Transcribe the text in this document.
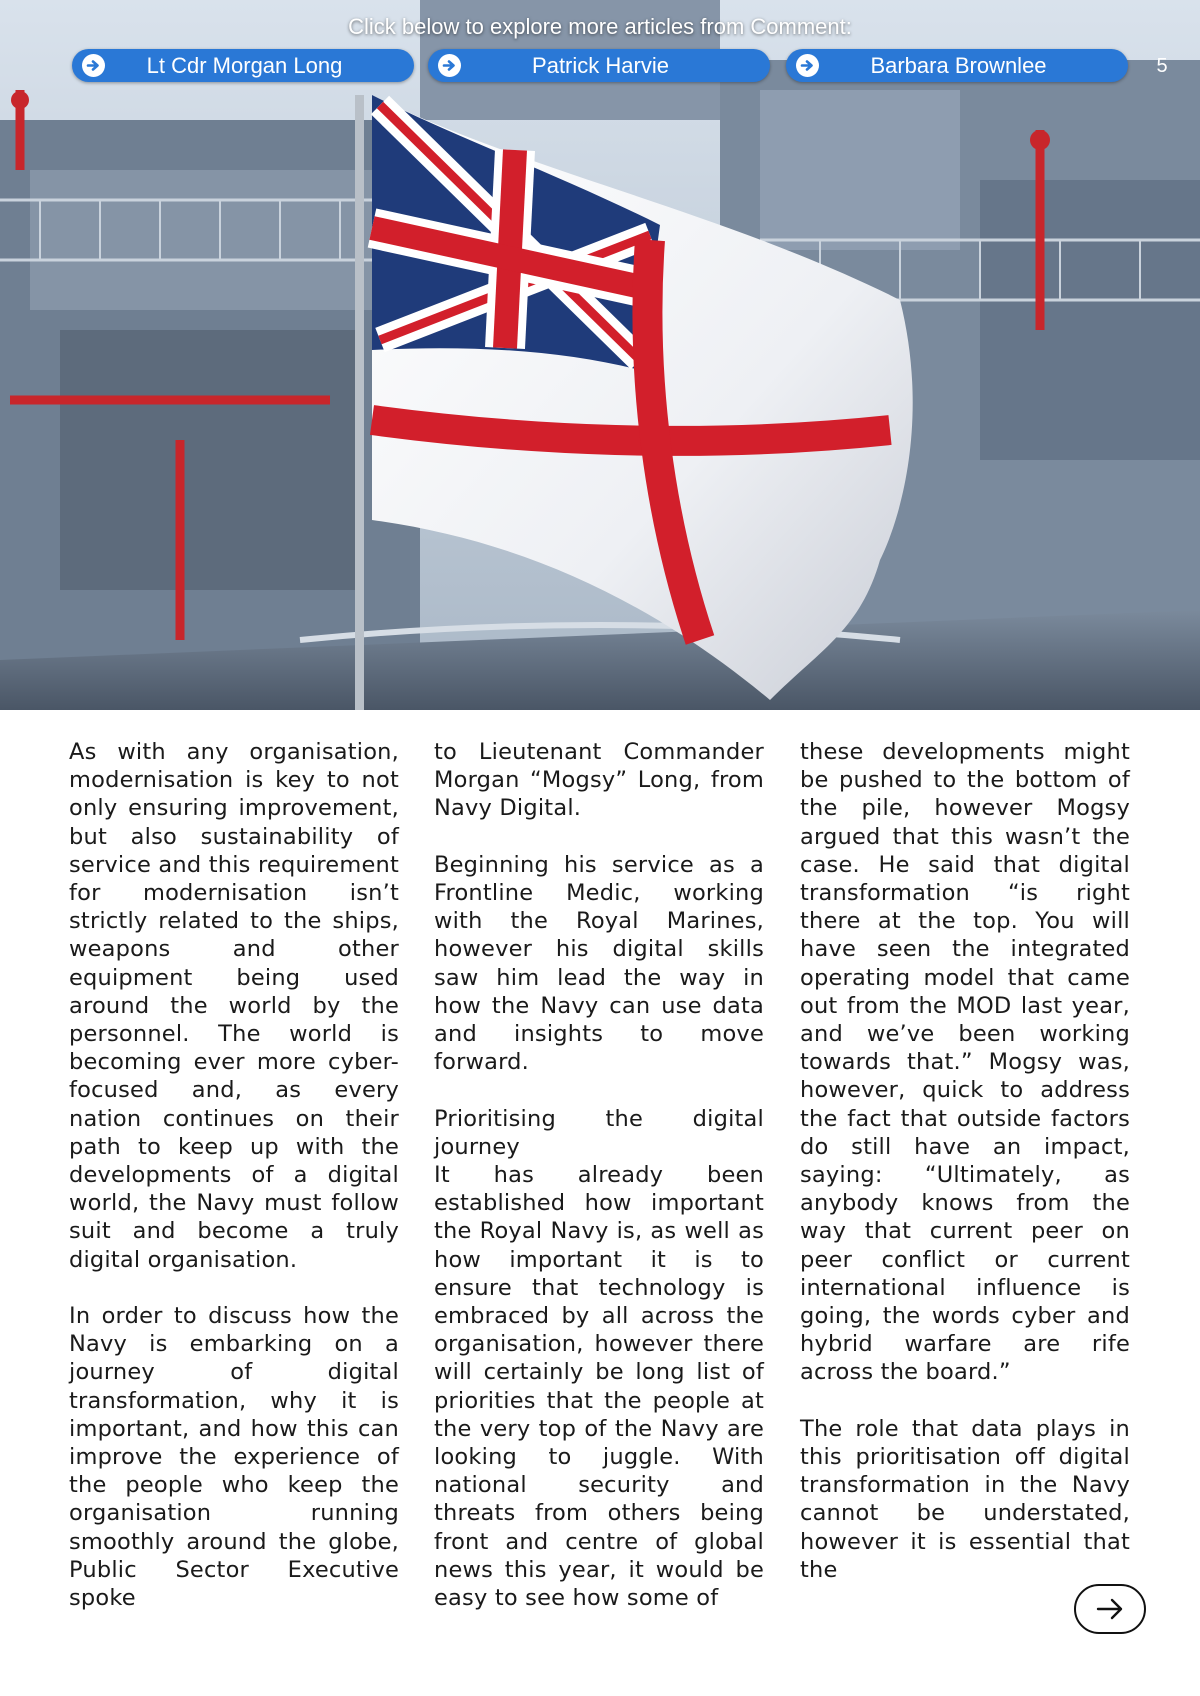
Click below to explore more articles from Comment:
Lt Cdr Morgan Long	Patrick Harvie	Barbara Brownlee	5

As with any organisation, modernisation is key to not only ensuring improvement, but also sustainability of service and this requirement for modernisation isn’t strictly related to the ships, weapons and other equipment being used around the world by the personnel. The world is becoming ever more cyber-focused and, as every nation continues on their path to keep up with the developments of a digital world, the Navy must follow suit and become a truly digital organisation.

In order to discuss how the Navy is embarking on a journey of digital transformation, why it is important, and how this can improve the experience of the people who keep the organisation running smoothly around the globe, Public Sector Executive spoke

to Lieutenant Commander Morgan “Mogsy” Long, from Navy Digital.

Beginning his service as a Frontline Medic, working with the Royal Marines, however his digital skills saw him lead the way in how the Navy can use data and insights to move forward.

Prioritising the digital journey

It has already been established how important the Royal Navy is, as well as how important it is to ensure that technology is embraced by all across the organisation, however there will certainly be long list of priorities that the people at the very top of the Navy are looking to juggle. With national security and threats from others being front and centre of global news this year, it would be easy to see how some of

these developments might be pushed to the bottom of the pile, however Mogsy argued that this wasn’t the case. He said that digital transformation “is right there at the top. You will have seen the integrated operating model that came out from the MOD last year, and we’ve been working towards that.” Mogsy was, however, quick to address the fact that outside factors do still have an impact, saying: “Ultimately, as anybody knows from the way that current peer on peer conflict or current international influence is going, the words cyber and hybrid warfare are rife across the board.”

The role that data plays in this prioritisation off digital transformation in the Navy cannot be understated, however it is essential that the
